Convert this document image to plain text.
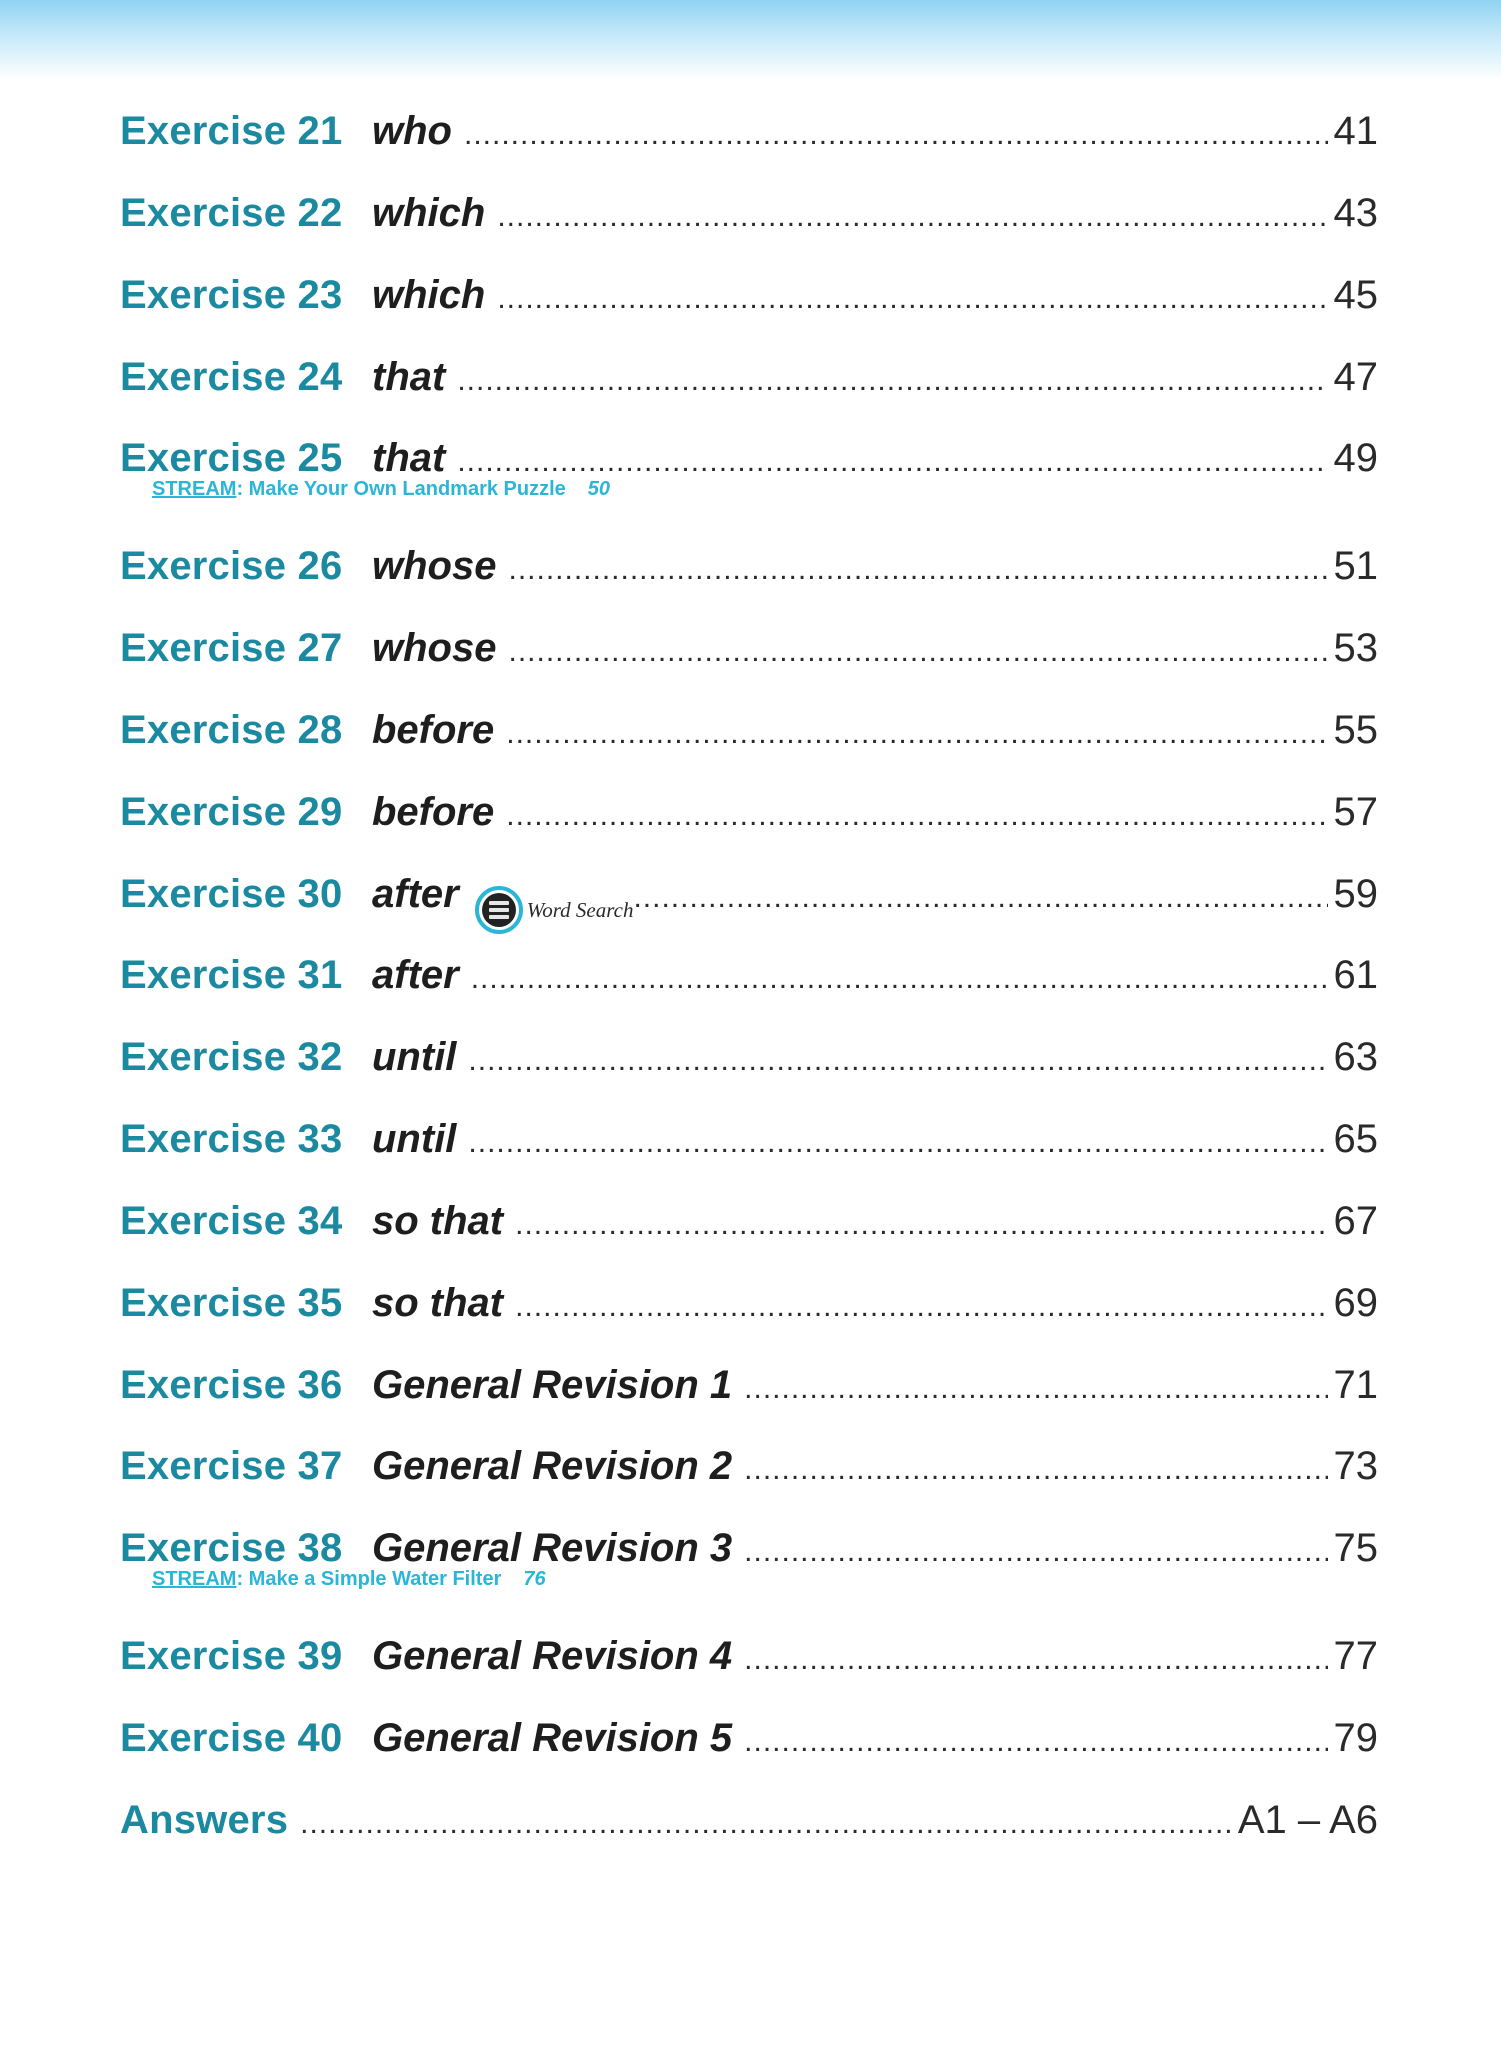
Exercise 21 who .....	41
Exercise 22 which .....	43
Exercise 23 which .....	45
Exercise 24 that .....	47
Exercise 25 that .....	49
STREAM: Make Your Own Landmark Puzzle 50
Exercise 26 whose .....	51
Exercise 27 whose .....	53
Exercise 28 before .....	55
Exercise 29 before .....	57
Exercise 30 after	Word Search .....	59
Exercise 31 after .....	61
Exercise 32 until .....	63
Exercise 33 until .....	65
Exercise 34 so that .....	67
Exercise 35 so that .....	69
Exercise 36 General Revision 1 .....	71
Exercise 37 General Revision 2 .....	73
Exercise 38 General Revision 3 .....	75
STREAM: Make a Simple Water Filter 76
Exercise 39 General Revision 4 .....	77
Exercise 40 General Revision 5 .....	79
Answers .....	A1 – A6
